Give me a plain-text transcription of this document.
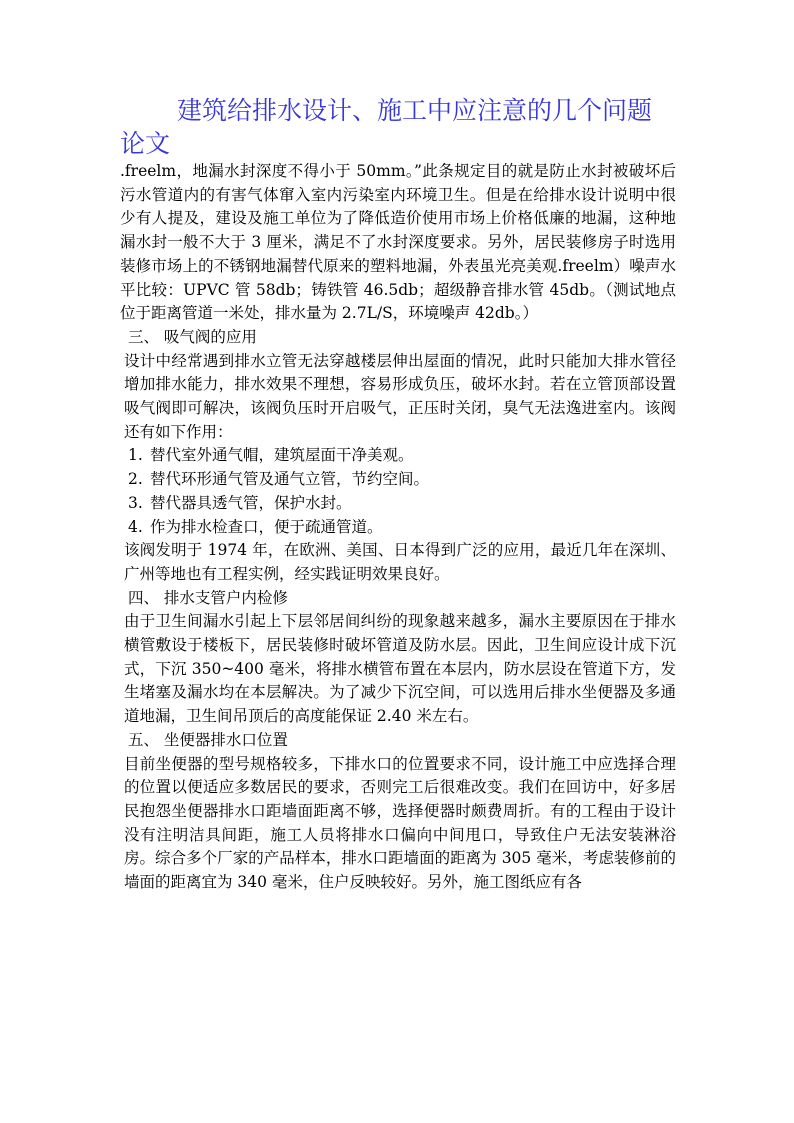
建筑给排水设计、施工中应注意的几个问题论文

.freelm，地漏水封深度不得小于 50mm。”此条规定目的就是防止水封被破坏后污水管道内的有害气体窜入室内污染室内环境卫生。但是在给排水设计说明中很少有人提及，建设及施工单位为了降低造价使用市场上价格低廉的地漏，这种地漏水封一般不大于 3 厘米，满足不了水封深度要求。另外，居民装修房子时选用装修市场上的不锈钢地漏替代原来的塑料地漏，外表虽光亮美观.freelm）噪声水平比较：UPVC 管 58db；铸铁管 46.5db；超级静音排水管 45db。（测试地点位于距离管道一米处，排水量为 2.7L/S，环境噪声 42db。）

三、 吸气阀的应用

设计中经常遇到排水立管无法穿越楼层伸出屋面的情况，此时只能加大排水管径增加排水能力，排水效果不理想，容易形成负压，破坏水封。若在立管顶部设置吸气阀即可解决，该阀负压时开启吸气，正压时关闭，臭气无法逸进室内。该阀还有如下作用：

1. 替代室外通气帽，建筑屋面干净美观。

2. 替代环形通气管及通气立管，节约空间。

3. 替代器具透气管，保护水封。

4. 作为排水检查口，便于疏通管道。

该阀发明于 1974 年，在欧洲、美国、日本得到广泛的应用，最近几年在深圳、广州等地也有工程实例，经实践证明效果良好。

四、 排水支管户内检修

由于卫生间漏水引起上下层邻居间纠纷的现象越来越多，漏水主要原因在于排水横管敷设于楼板下，居民装修时破坏管道及防水层。因此，卫生间应设计成下沉式，下沉 350~400 毫米，将排水横管布置在本层内，防水层设在管道下方，发生堵塞及漏水均在本层解决。为了减少下沉空间，可以选用后排水坐便器及多通道地漏，卫生间吊顶后的高度能保证 2.40 米左右。

五、 坐便器排水口位置

目前坐便器的型号规格较多，下排水口的位置要求不同，设计施工中应选择合理的位置以便适应多数居民的要求，否则完工后很难改变。我们在回访中，好多居民抱怨坐便器排水口距墙面距离不够，选择便器时颇费周折。有的工程由于设计没有注明洁具间距，施工人员将排水口偏向中间甩口，导致住户无法安装淋浴房。综合多个厂家的产品样本，排水口距墙面的距离为 305 毫米，考虑装修前的墙面的距离宜为 340 毫米，住户反映较好。另外，施工图纸应有各
